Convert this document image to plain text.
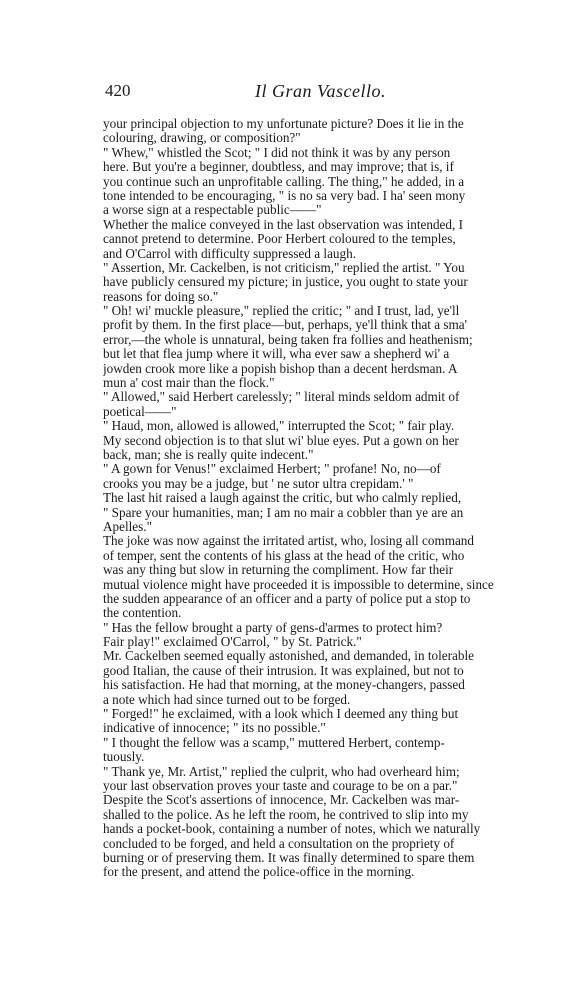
420	Il Gran Vascello.
your principal objection to my unfortunate picture? Does it lie in the
colouring, drawing, or composition?"
" Whew," whistled the Scot; " I did not think it was by any person
here. But you're a beginner, doubtless, and may improve; that is, if
you continue such an unprofitable calling. The thing," he added, in a
tone intended to be encouraging, " is no sa very bad. I ha' seen mony
a worse sign at a respectable public——"
Whether the malice conveyed in the last observation was intended, I
cannot pretend to determine. Poor Herbert coloured to the temples,
and O'Carrol with difficulty suppressed a laugh.
" Assertion, Mr. Cackelben, is not criticism," replied the artist. " You
have publicly censured my picture; in justice, you ought to state your
reasons for doing so."
" Oh! wi' muckle pleasure," replied the critic; " and I trust, lad, ye'll
profit by them. In the first place—but, perhaps, ye'll think that a sma'
error,—the whole is unnatural, being taken fra follies and heathenism;
but let that flea jump where it will, wha ever saw a shepherd wi' a
jowden crook more like a popish bishop than a decent herdsman. A
mun a' cost mair than the flock."
" Allowed," said Herbert carelessly; " literal minds seldom admit of
poetical——"
" Haud, mon, allowed is allowed," interrupted the Scot; " fair play.
My second objection is to that slut wi' blue eyes. Put a gown on her
back, man; she is really quite indecent."
" A gown for Venus!" exclaimed Herbert; " profane! No, no—of
crooks you may be a judge, but ' ne sutor ultra crepidam.' "
The last hit raised a laugh against the critic, but who calmly replied,
" Spare your humanities, man; I am no mair a cobbler than ye are an
Apelles."
The joke was now against the irritated artist, who, losing all command
of temper, sent the contents of his glass at the head of the critic, who
was any thing but slow in returning the compliment. How far their
mutual violence might have proceeded it is impossible to determine, since
the sudden appearance of an officer and a party of police put a stop to
the contention.
" Has the fellow brought a party of gens-d'armes to protect him?
Fair play!" exclaimed O'Carrol, " by St. Patrick."
Mr. Cackelben seemed equally astonished, and demanded, in tolerable
good Italian, the cause of their intrusion. It was explained, but not to
his satisfaction. He had that morning, at the money-changers, passed
a note which had since turned out to be forged.
" Forged!" he exclaimed, with a look which I deemed any thing but
indicative of innocence; " its no possible."
" I thought the fellow was a scamp," muttered Herbert, contemp-
tuously.
" Thank ye, Mr. Artist," replied the culprit, who had overheard him;
your last observation proves your taste and courage to be on a par."
Despite the Scot's assertions of innocence, Mr. Cackelben was mar-
shalled to the police. As he left the room, he contrived to slip into my
hands a pocket-book, containing a number of notes, which we naturally
concluded to be forged, and held a consultation on the propriety of
burning or of preserving them. It was finally determined to spare them
for the present, and attend the police-office in the morning.
